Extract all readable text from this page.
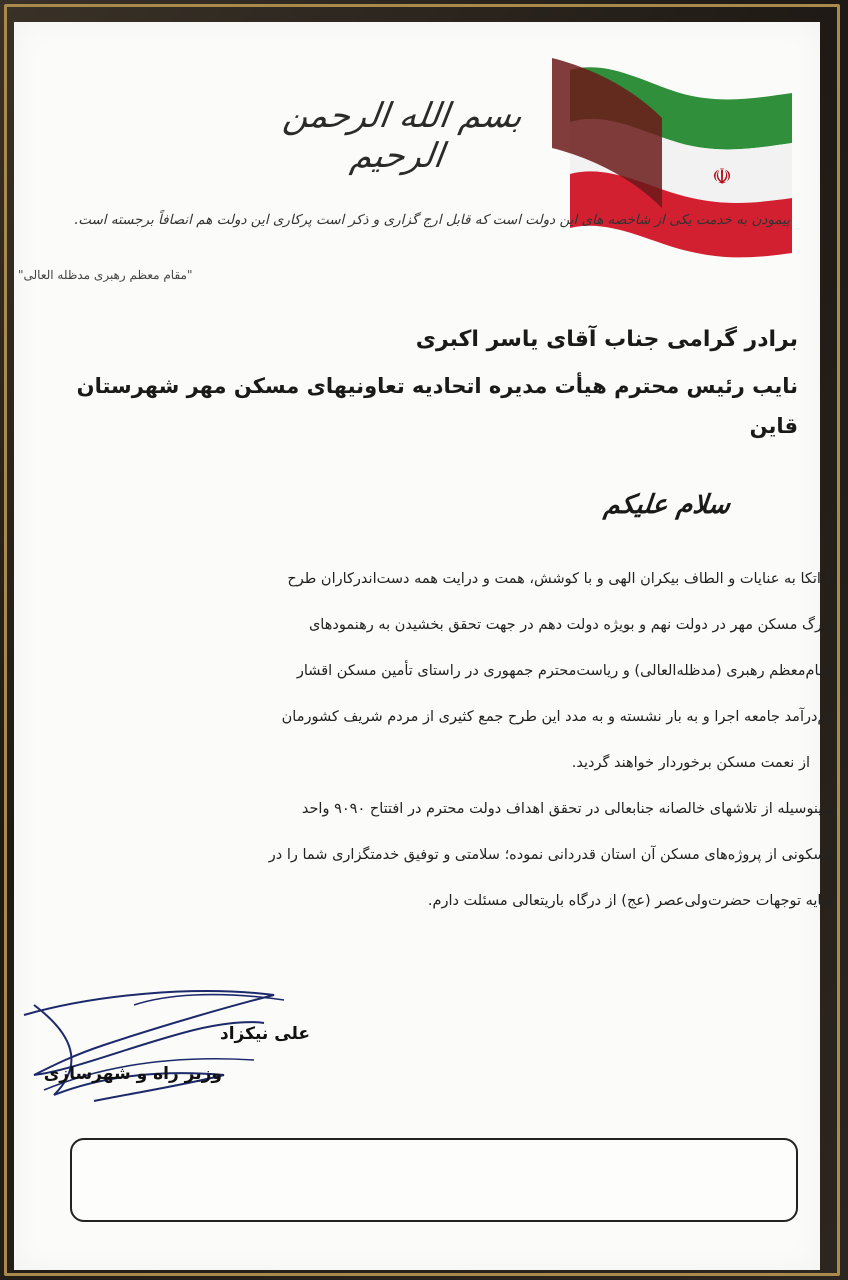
☫
بسم الله الرحمن الرحیم
پیمودن به خدمت یکی از شاخصه های این دولت است که قابل ارج گزاری و ذکر است پرکاری این دولت هم انصافاً برجسته است.
"مقام معظم رهبری مدظله العالی"
برادر گرامی جناب آقای یاسر اکبری
نایب رئیس محترم هیأت مدیره اتحادیه تعاونیهای مسکن مهر شهرستان قاین
سلام علیکم
با اتکا به عنایات و الطاف بیکران الهی و با کوشش، همت و درایت همه دست‌اندرکاران طرح
بزرگ مسکن مهر در دولت نهم و بویژه دولت دهم در جهت تحقق بخشیدن به رهنمودهای
مقام‌معظم رهبری (مدظله‌العالی) و ریاست‌محترم جمهوری در راستای تأمین مسکن اقشار
کم‌درآمد جامعه اجرا و به بار نشسته و به مدد این طرح جمع کثیری از مردم شریف کشورمان
از نعمت مسکن برخوردار خواهند گردید.
بدینوسیله از تلاشهای خالصانه جنابعالی در تحقق اهداف دولت محترم در افتتاح ۹۰۹۰ واحد
مسکونی از پروژه‌های مسکن آن استان قدردانی نموده؛ سلامتی و توفیق خدمتگزاری شما را در
سایه توجهات حضرت‌ولی‌عصر (عج) از درگاه باریتعالی مسئلت دارم.
علی نیکزاد
وزیر راه و شهرسازی
